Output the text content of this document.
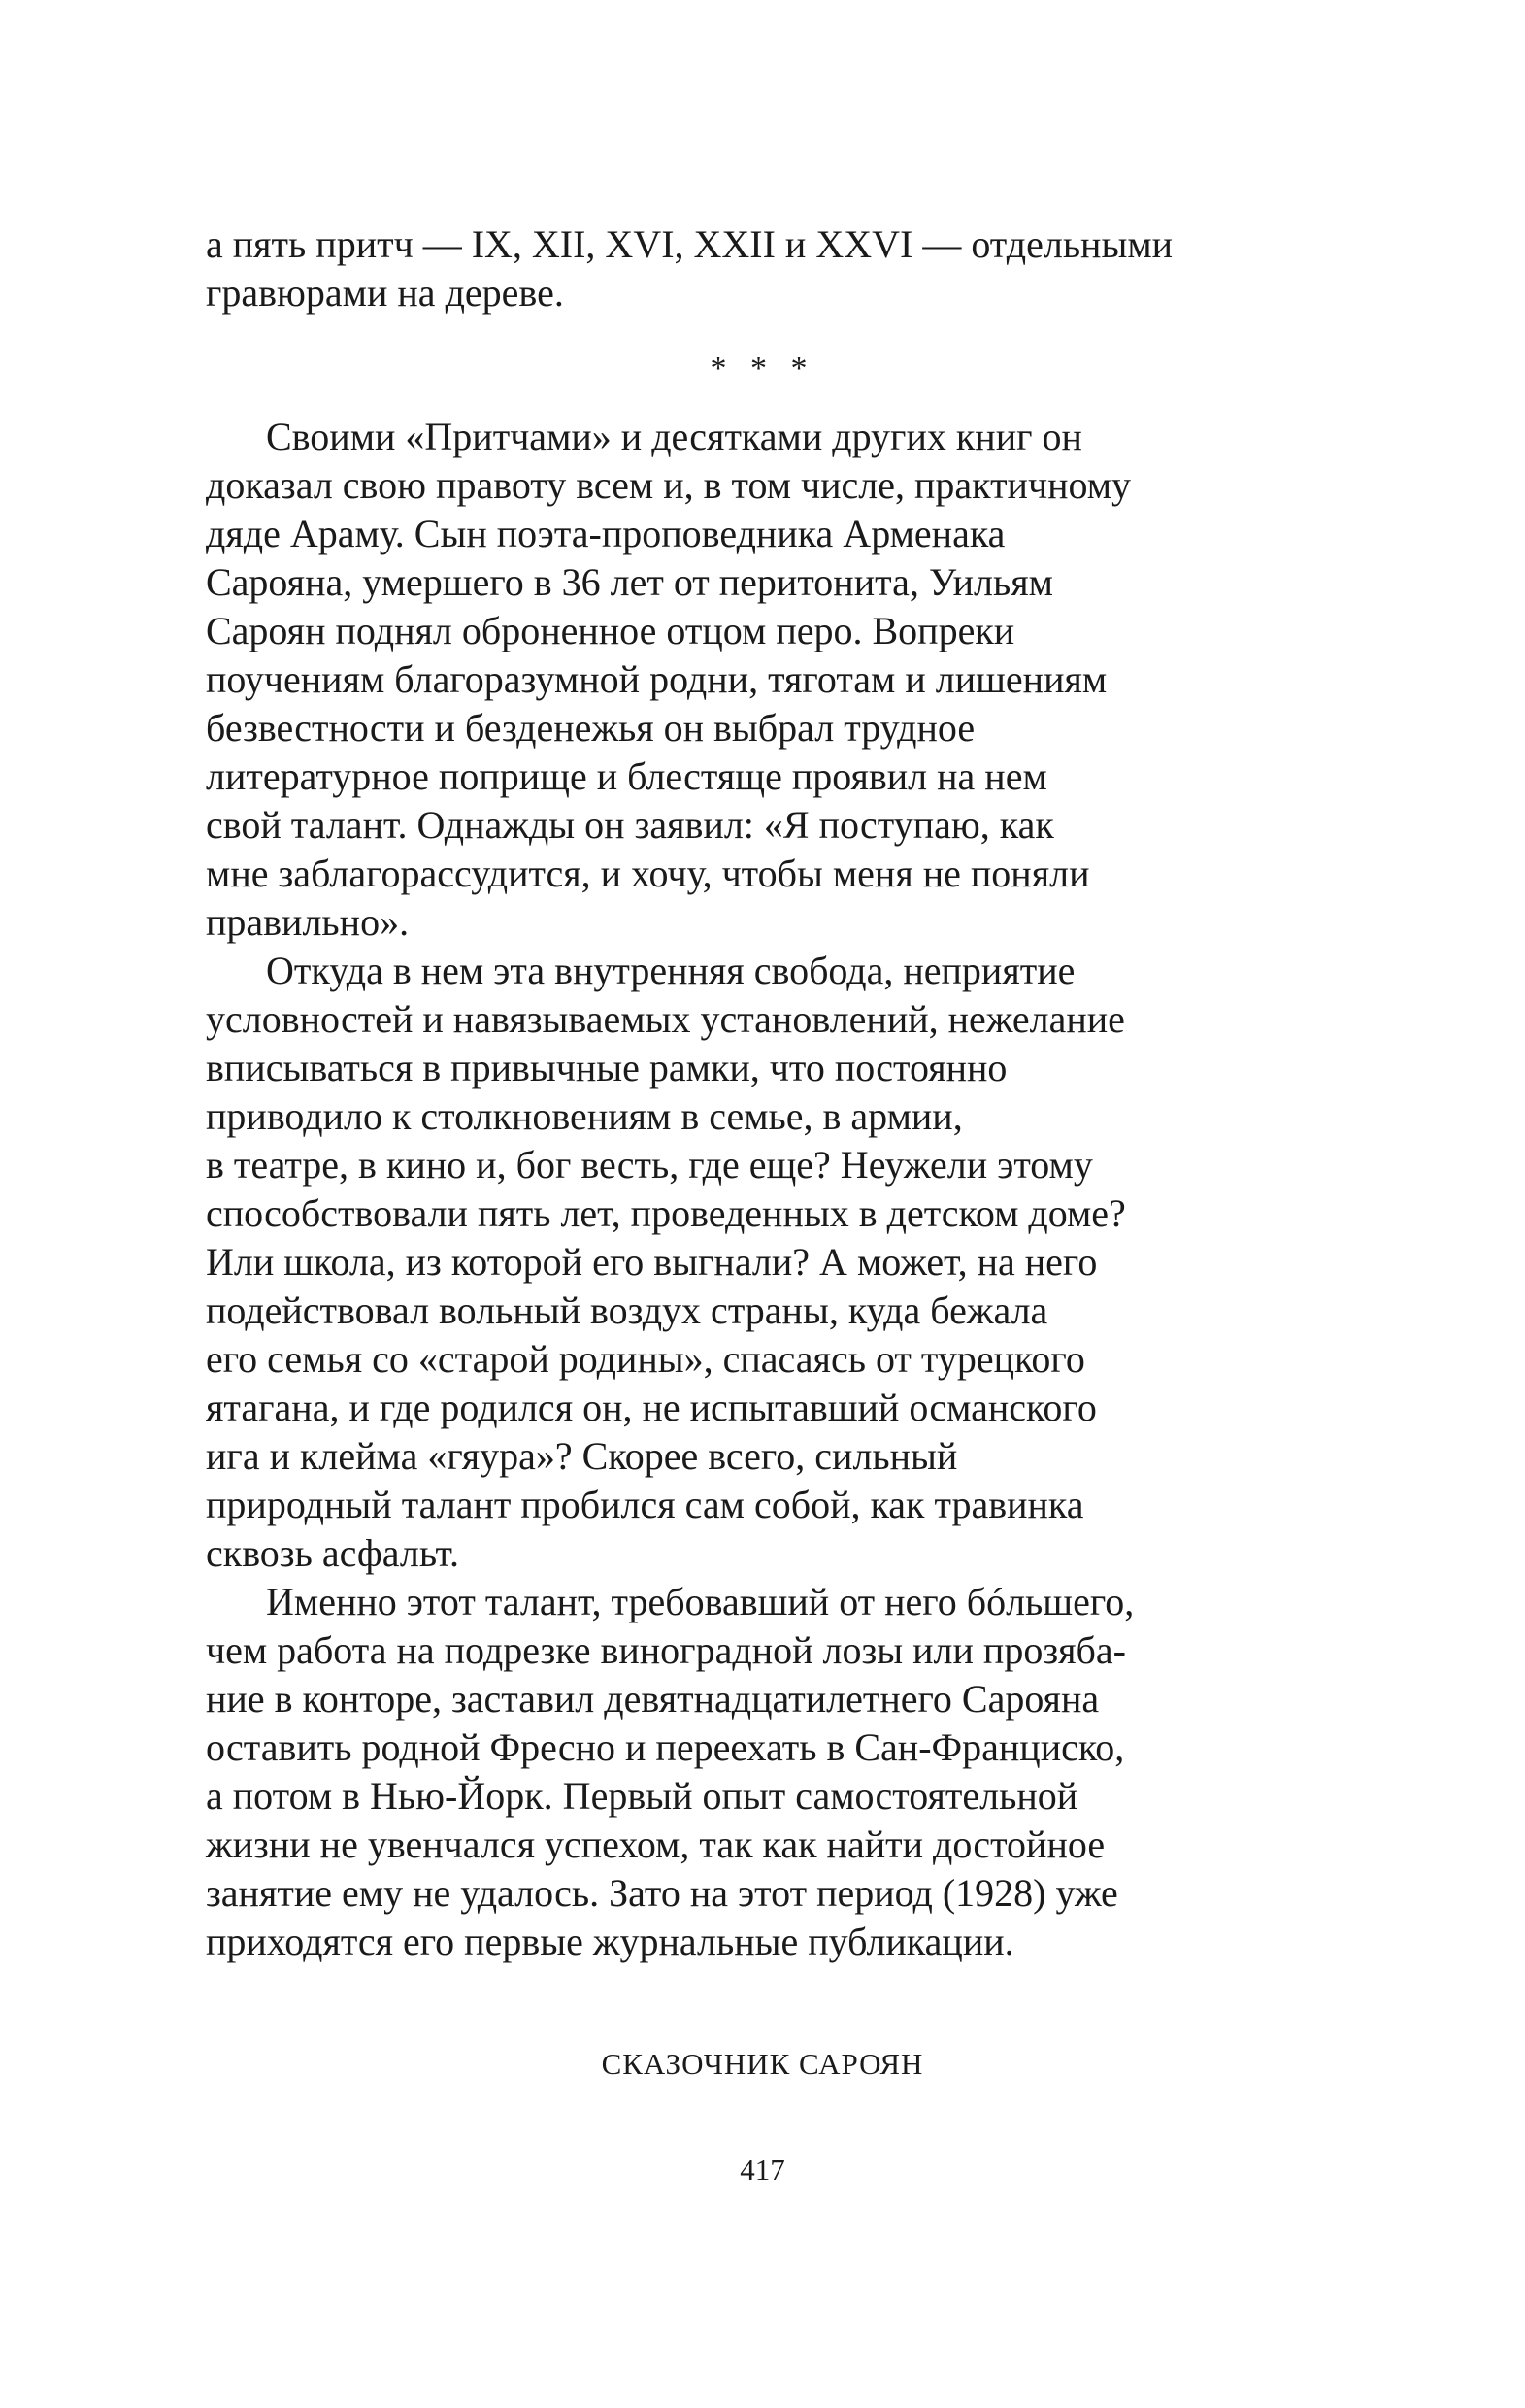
а пять притч — IX, XII, XVI, XXII и XXVI — отдельными
гравюрами на дереве.
* * *
Своими «Притчами» и десятками других книг он
доказал свою правоту всем и, в том числе, практичному
дяде Араму. Сын поэта-проповедника Арменака
Сарояна, умершего в 36 лет от перитонита, Уильям
Сароян поднял оброненное отцом перо. Вопреки
поучениям благоразумной родни, тяготам и лишениям
безвестности и безденежья он выбрал трудное
литературное поприще и блестяще проявил на нем
свой талант. Однажды он заявил: «Я поступаю, как
мне заблагорассудится, и хочу, чтобы меня не поняли
правильно».
Откуда в нем эта внутренняя свобода, неприятие
условностей и навязываемых установлений, нежелание
вписываться в привычные рамки, что постоянно
приводило к столкновениям в семье, в армии,
в театре, в кино и, бог весть, где еще? Неужели этому
способствовали пять лет, проведенных в детском доме?
Или школа, из которой его выгнали? А может, на него
подействовал вольный воздух страны, куда бежала
его семья со «старой родины», спасаясь от турецкого
ятагана, и где родился он, не испытавший османского
ига и клейма «гяура»? Скорее всего, сильный
природный талант пробился сам собой, как травинка
сквозь асфальт.
Именно этот талант, требовавший от него бóльшего,
чем работа на подрезке виноградной лозы или прозяба-
ние в конторе, заставил девятнадцатилетнего Сарояна
оставить родной Фресно и переехать в Сан-Франциско,
а потом в Нью-Йорк. Первый опыт самостоятельной
жизни не увенчался успехом, так как найти достойное
занятие ему не удалось. Зато на этот период (1928) уже
приходятся его первые журнальные публикации.
СКАЗОЧНИК САРОЯН
417
